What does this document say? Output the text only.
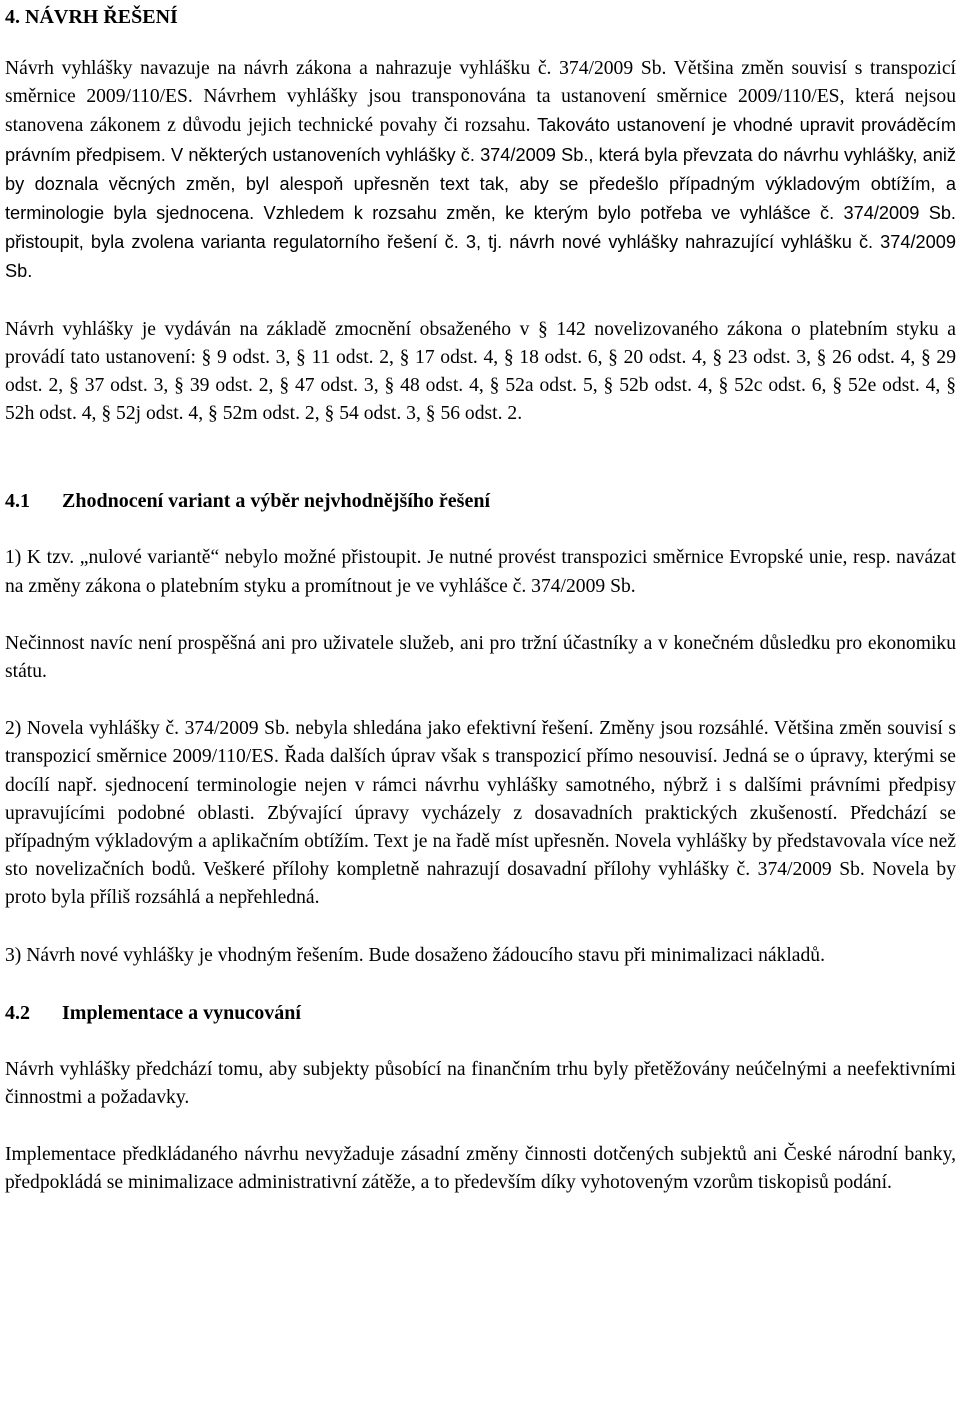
4. NÁVRH ŘEŠENÍ

Návrh vyhlášky navazuje na návrh zákona a nahrazuje vyhlášku č. 374/2009 Sb. Většina změn souvisí s transpozicí směrnice 2009/110/ES. Návrhem vyhlášky jsou transponována ta ustanovení směrnice 2009/110/ES, která nejsou stanovena zákonem z důvodu jejich technické povahy či rozsahu. Takováto ustanovení je vhodné upravit prováděcím právním předpisem. V některých ustanoveních vyhlášky č. 374/2009 Sb., která byla převzata do návrhu vyhlášky, aniž by doznala věcných změn, byl alespoň upřesněn text tak, aby se předešlo případným výkladovým obtížím, a terminologie byla sjednocena. Vzhledem k rozsahu změn, ke kterým bylo potřeba ve vyhlášce č. 374/2009 Sb. přistoupit, byla zvolena varianta regulatorního řešení č. 3, tj. návrh nové vyhlášky nahrazující vyhlášku č. 374/2009 Sb.

Návrh vyhlášky je vydáván na základě zmocnění obsaženého v § 142 novelizovaného zákona o platebním styku a provádí tato ustanovení: § 9 odst. 3, § 11 odst. 2, § 17 odst. 4, § 18 odst. 6, § 20 odst. 4, § 23 odst. 3, § 26 odst. 4, § 29 odst. 2, § 37 odst. 3, § 39 odst. 2, § 47 odst. 3, § 48 odst. 4, § 52a odst. 5, § 52b odst. 4, § 52c odst. 6, § 52e odst. 4, § 52h odst. 4, § 52j odst. 4, § 52m odst. 2, § 54 odst. 3, § 56 odst. 2.

4.1 Zhodnocení variant a výběr nejvhodnějšího řešení

1) K tzv. „nulové variantě“ nebylo možné přistoupit. Je nutné provést transpozici směrnice Evropské unie, resp. navázat na změny zákona o platebním styku a promítnout je ve vyhlášce č. 374/2009 Sb.

Nečinnost navíc není prospěšná ani pro uživatele služeb, ani pro tržní účastníky a v konečném důsledku pro ekonomiku státu.

2) Novela vyhlášky č. 374/2009 Sb. nebyla shledána jako efektivní řešení. Změny jsou rozsáhlé. Většina změn souvisí s transpozicí směrnice 2009/110/ES. Řada dalších úprav však s transpozicí přímo nesouvisí. Jedná se o úpravy, kterými se docílí např. sjednocení terminologie nejen v rámci návrhu vyhlášky samotného, nýbrž i s dalšími právními předpisy upravujícími podobné oblasti. Zbývající úpravy vycházely z dosavadních praktických zkušeností. Předchází se případným výkladovým a aplikačním obtížím. Text je na řadě míst upřesněn. Novela vyhlášky by představovala více než sto novelizačních bodů. Veškeré přílohy kompletně nahrazují dosavadní přílohy vyhlášky č. 374/2009 Sb. Novela by proto byla příliš rozsáhlá a nepřehledná.

3) Návrh nové vyhlášky je vhodným řešením. Bude dosaženo žádoucího stavu při minimalizaci nákladů.

4.2 Implementace a vynucování

Návrh vyhlášky předchází tomu, aby subjekty působící na finančním trhu byly přetěžovány neúčelnými a neefektivními činnostmi a požadavky.

Implementace předkládaného návrhu nevyžaduje zásadní změny činnosti dotčených subjektů ani České národní banky, předpokládá se minimalizace administrativní zátěže, a to především díky vyhotoveným vzorům tiskopisů podání.
